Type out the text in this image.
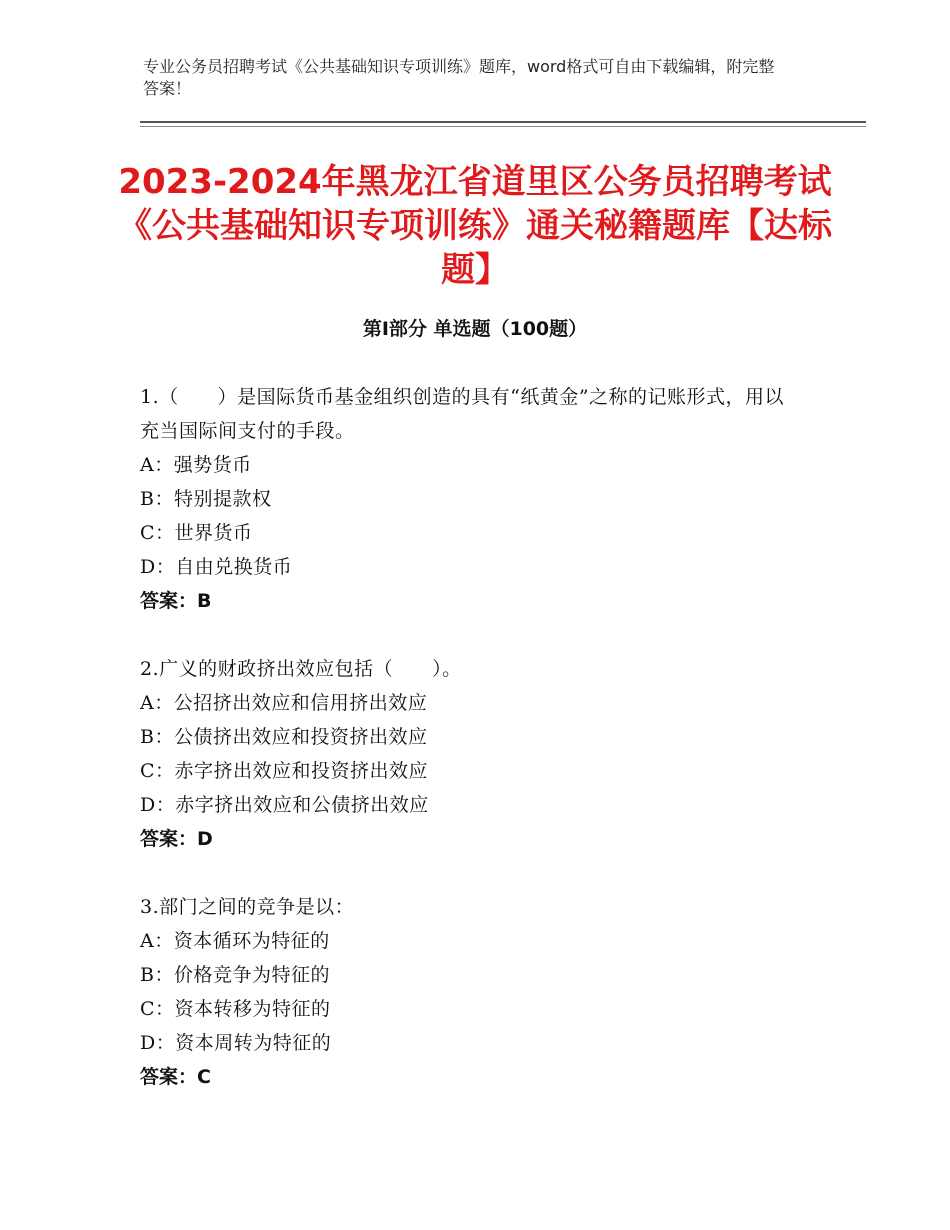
专业公务员招聘考试《公共基础知识专项训练》题库，word格式可自由下载编辑，附完整答案！
2023-2024年黑龙江省道里区公务员招聘考试《公共基础知识专项训练》通关秘籍题库【达标题】
第Ⅰ部分 单选题（100题）
1.（　　）是国际货币基金组织创造的具有“纸黄金”之称的记账形式，用以充当国际间支付的手段。
A：强势货币
B：特别提款权
C：世界货币
D：自由兑换货币
答案：B
2.广义的财政挤出效应包括（　　）。
A：公招挤出效应和信用挤出效应
B：公债挤出效应和投资挤出效应
C：赤字挤出效应和投资挤出效应
D：赤字挤出效应和公债挤出效应
答案：D
3.部门之间的竞争是以：
A：资本循环为特征的
B：价格竞争为特征的
C：资本转移为特征的
D：资本周转为特征的
答案：C
